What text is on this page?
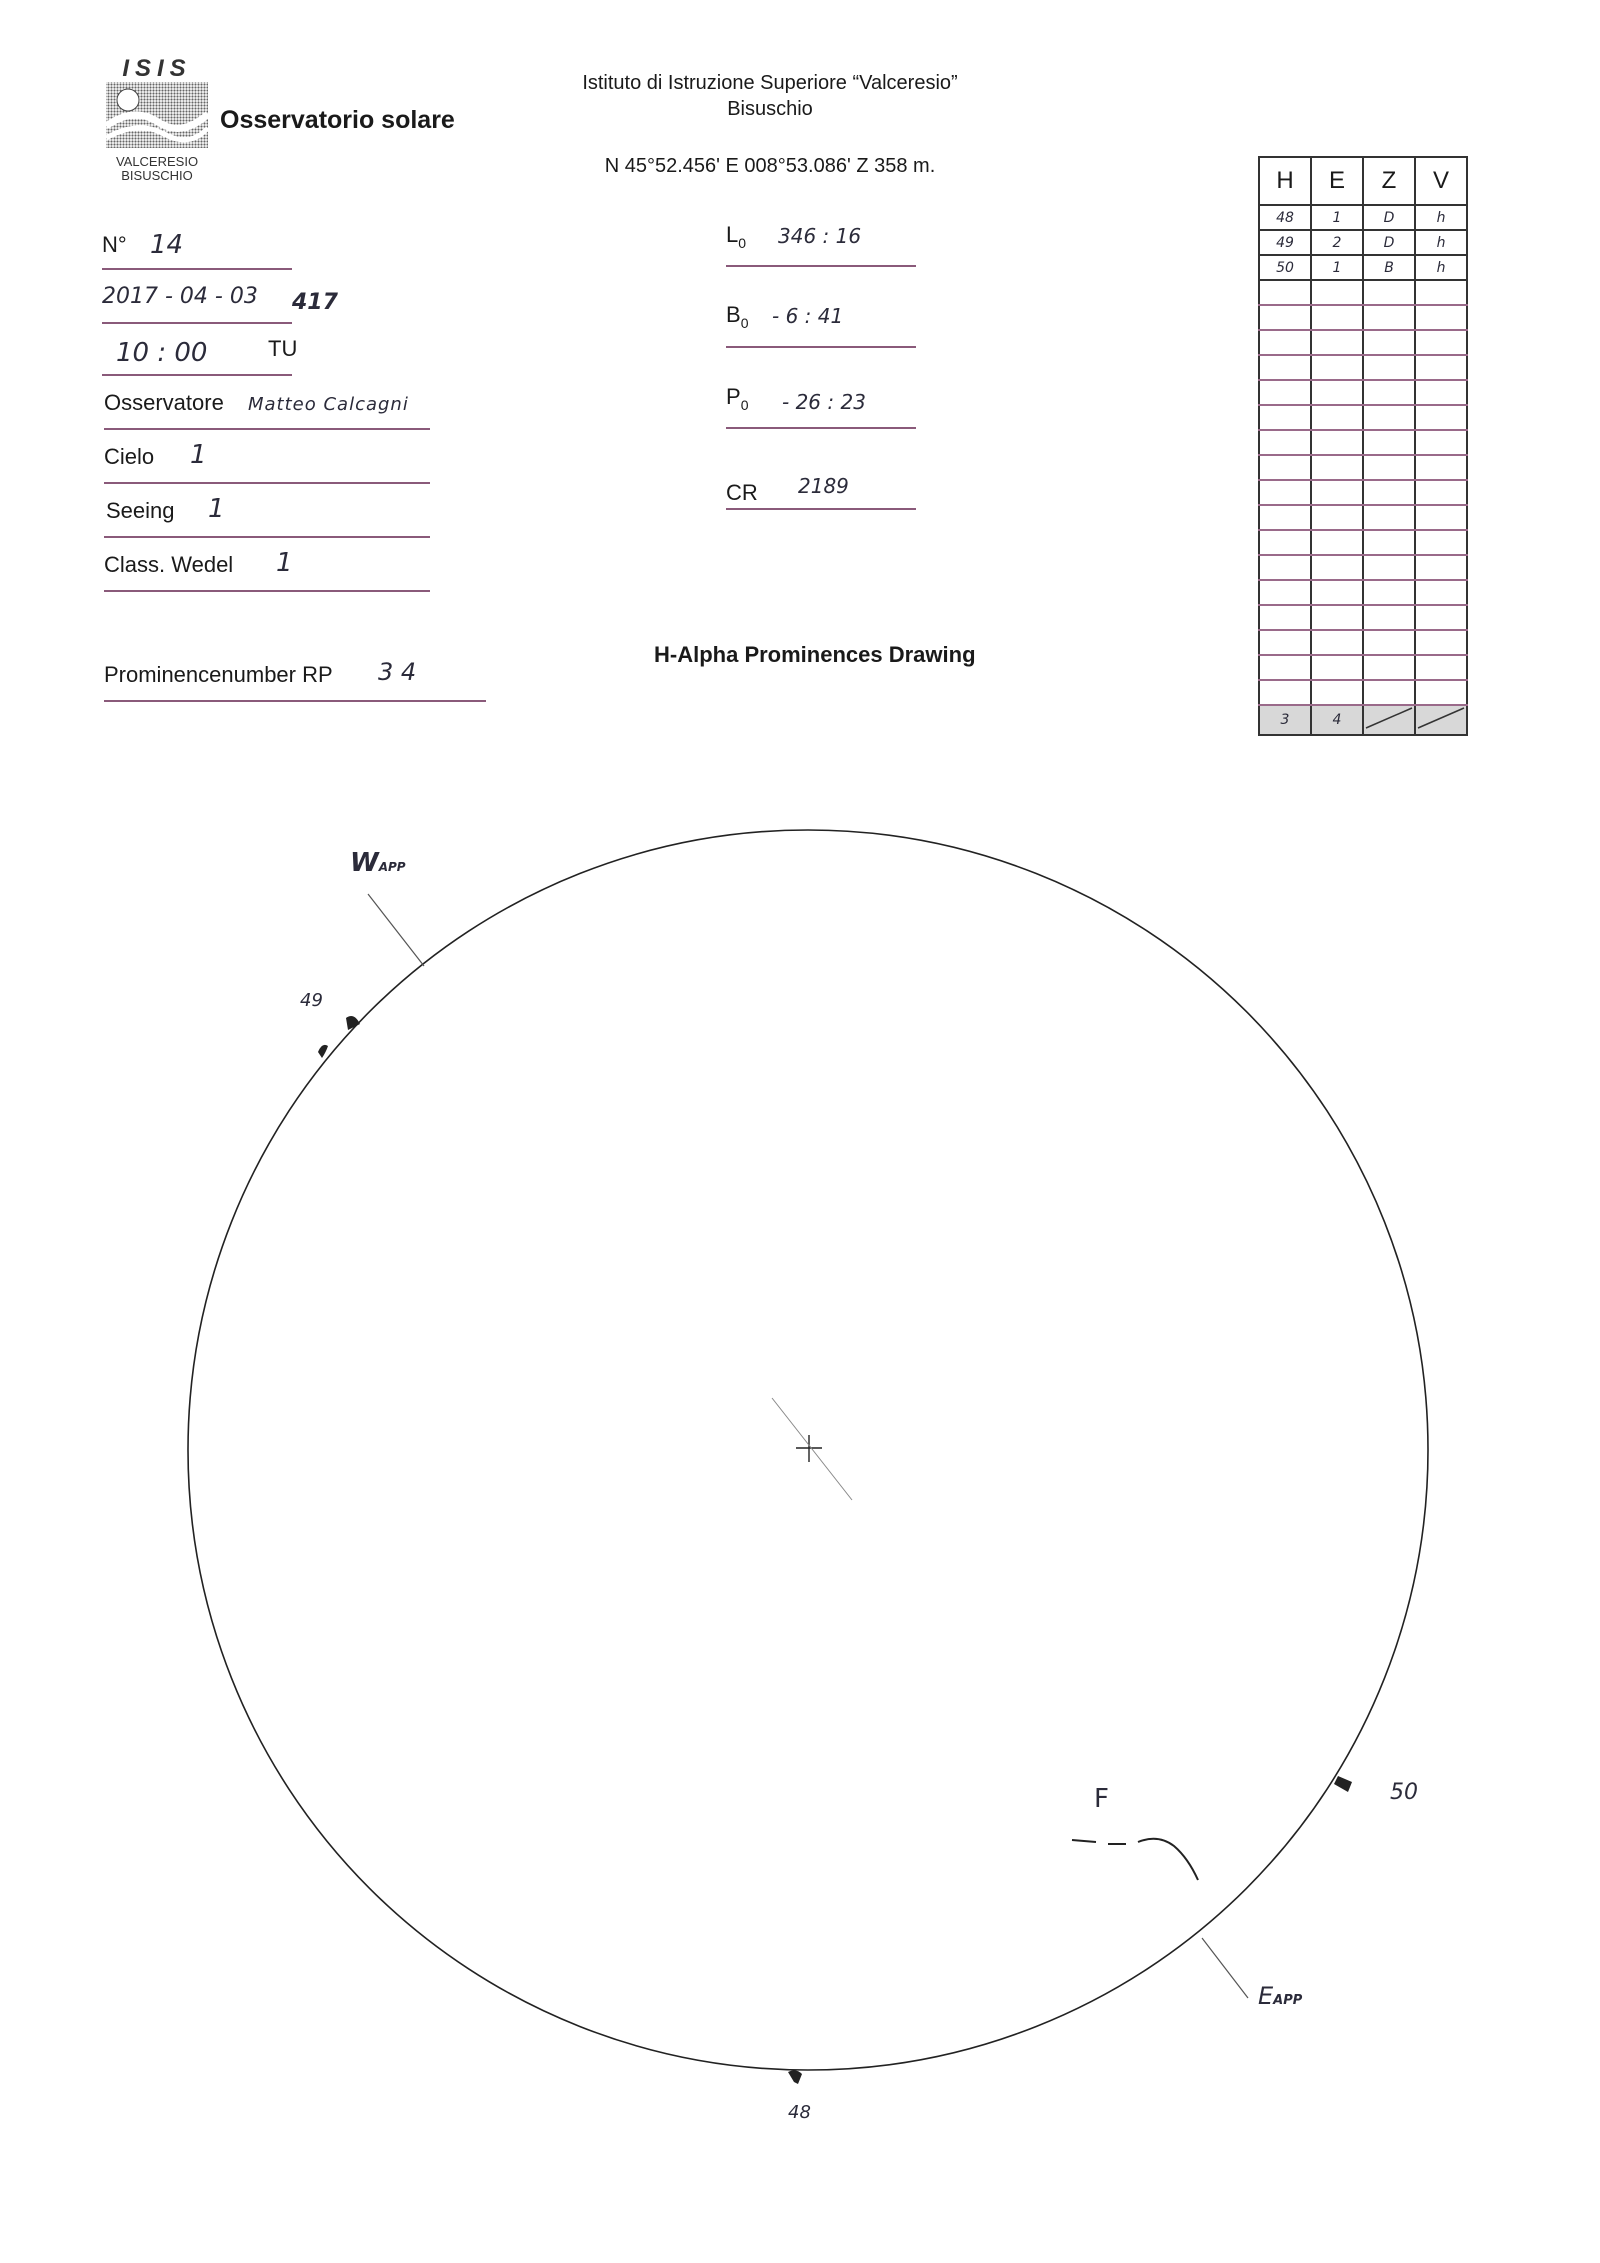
ISIS
VALCERESIO
BISUSCHIO
Osservatorio solare
Istituto di Istruzione Superiore “Valceresio”
Bisuschio
N 45°52.456' E 008°53.086' Z 358 m.
N° 14
2017 - 04 - 03 417
10 : 00	TU
Osservatore Matteo Calcagni
Cielo 1
Seeing 1
Class. Wedel 1
Prominencenumber RP 3 4
$L_0$ 346 : 16
$B_0 - 6$ : 41
$P_0 - 26$ : 23
CR 2189
H-Alpha Prominences Drawing
H	E	Z	V
48	1	D	h
49	2	D	h
50	1	B	h

3	4		
WAPP
EAPP
F
49
50
48
